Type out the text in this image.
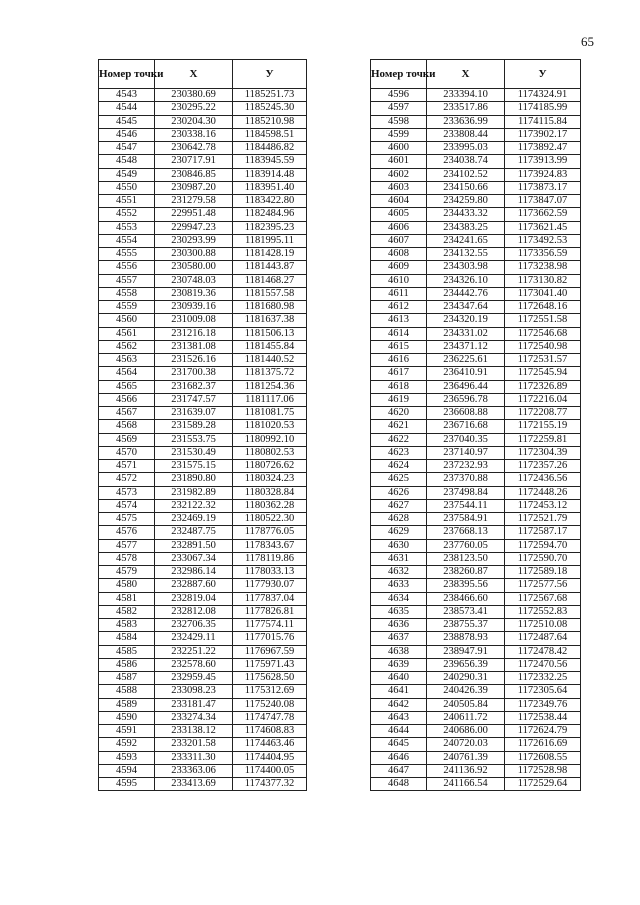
65
Номер точки	X	У
4543	230380.69	1185251.73
4544	230295.22	1185245.30
4545	230204.30	1185210.98
4546	230338.16	1184598.51
4547	230642.78	1184486.82
4548	230717.91	1183945.59
4549	230846.85	1183914.48
4550	230987.20	1183951.40
4551	231279.58	1183422.80
4552	229951.48	1182484.96
4553	229947.23	1182395.23
4554	230293.99	1181995.11
4555	230300.88	1181428.19
4556	230580.00	1181443.87
4557	230748.03	1181468.27
4558	230819.36	1181557.58
4559	230939.16	1181680.98
4560	231009.08	1181637.38
4561	231216.18	1181506.13
4562	231381.08	1181455.84
4563	231526.16	1181440.52
4564	231700.38	1181375.72
4565	231682.37	1181254.36
4566	231747.57	1181117.06
4567	231639.07	1181081.75
4568	231589.28	1181020.53
4569	231553.75	1180992.10
4570	231530.49	1180802.53
4571	231575.15	1180726.62
4572	231890.80	1180324.23
4573	231982.89	1180328.84
4574	232122.32	1180362.28
4575	232469.19	1180522.30
4576	232487.75	1178776.05
4577	232891.50	1178343.67
4578	233067.34	1178119.86
4579	232986.14	1178033.13
4580	232887.60	1177930.07
4581	232819.04	1177837.04
4582	232812.08	1177826.81
4583	232706.35	1177574.11
4584	232429.11	1177015.76
4585	232251.22	1176967.59
4586	232578.60	1175971.43
4587	232959.45	1175628.50
4588	233098.23	1175312.69
4589	233181.47	1175240.08
4590	233274.34	1174747.78
4591	233138.12	1174608.83
4592	233201.58	1174463.46
4593	233311.30	1174404.95
4594	233363.06	1174400.05
4595	233413.69	1174377.32
Номер точки	X	У
4596	233394.10	1174324.91
4597	233517.86	1174185.99
4598	233636.99	1174115.84
4599	233808.44	1173902.17
4600	233995.03	1173892.47
4601	234038.74	1173913.99
4602	234102.52	1173924.83
4603	234150.66	1173873.17
4604	234259.80	1173847.07
4605	234433.32	1173662.59
4606	234383.25	1173621.45
4607	234241.65	1173492.53
4608	234132.55	1173356.59
4609	234303.98	1173238.98
4610	234326.10	1173130.82
4611	234442.76	1173041.40
4612	234347.64	1172648.16
4613	234320.19	1172551.58
4614	234331.02	1172546.68
4615	234371.12	1172540.98
4616	236225.61	1172531.57
4617	236410.91	1172545.94
4618	236496.44	1172326.89
4619	236596.78	1172216.04
4620	236608.88	1172208.77
4621	236716.68	1172155.19
4622	237040.35	1172259.81
4623	237140.97	1172304.39
4624	237232.93	1172357.26
4625	237370.88	1172436.56
4626	237498.84	1172448.26
4627	237544.11	1172453.12
4628	237584.91	1172521.79
4629	237668.13	1172587.17
4630	237760.05	1172594.70
4631	238123.50	1172590.70
4632	238260.87	1172589.18
4633	238395.56	1172577.56
4634	238466.60	1172567.68
4635	238573.41	1172552.83
4636	238755.37	1172510.08
4637	238878.93	1172487.64
4638	238947.91	1172478.42
4639	239656.39	1172470.56
4640	240290.31	1172332.25
4641	240426.39	1172305.64
4642	240505.84	1172349.76
4643	240611.72	1172538.44
4644	240686.00	1172624.79
4645	240720.03	1172616.69
4646	240761.39	1172608.55
4647	241136.92	1172528.98
4648	241166.54	1172529.64
